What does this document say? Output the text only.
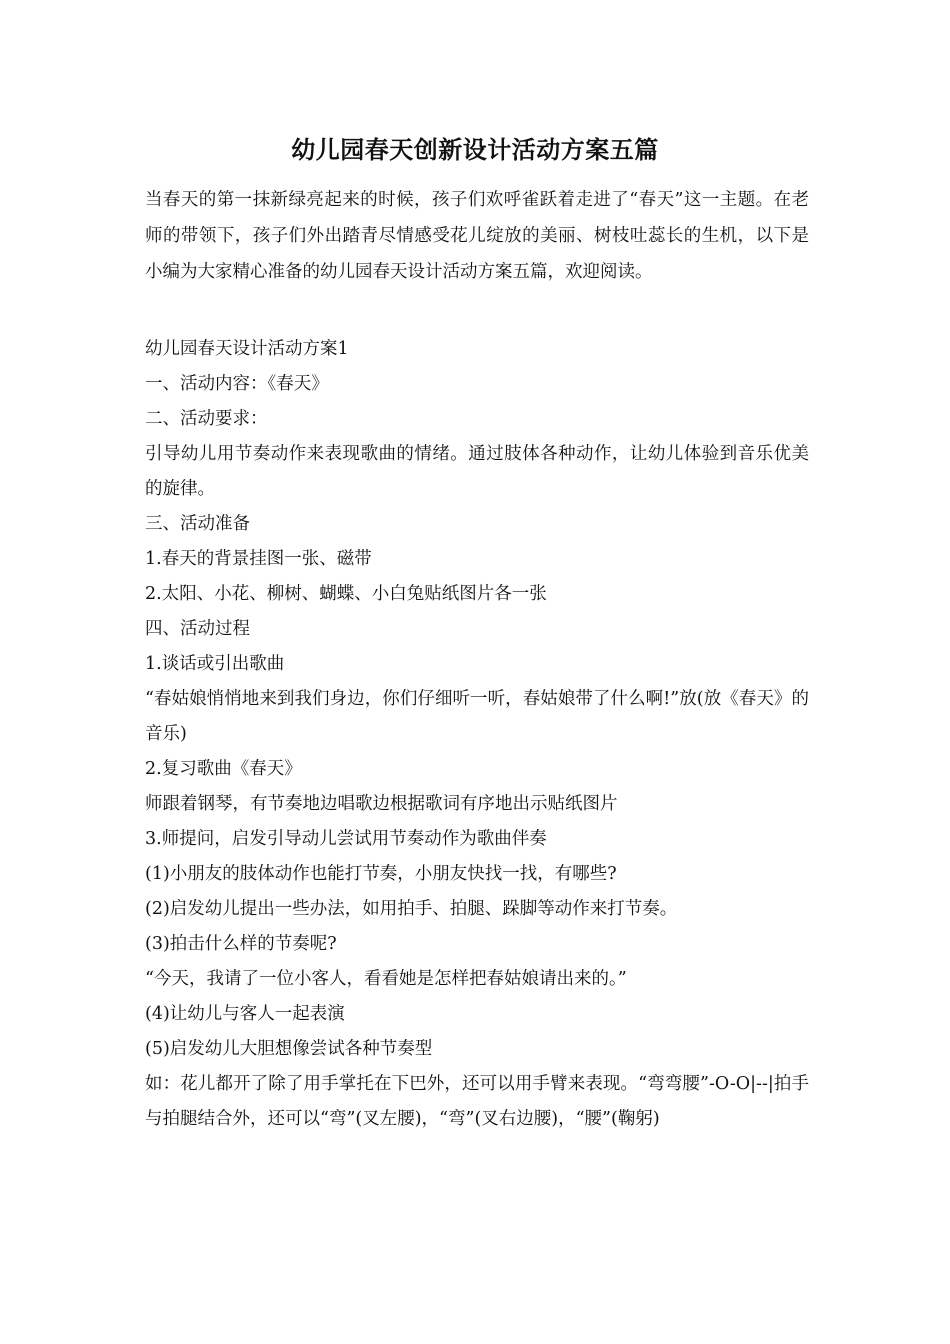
幼儿园春天创新设计活动方案五篇

当春天的第一抹新绿亮起来的时候，孩子们欢呼雀跃着走进了“春天”这一主题。在老师的带领下，孩子们外出踏青尽情感受花儿绽放的美丽、树枝吐蕊长的生机，以下是小编为大家精心准备的幼儿园春天设计活动方案五篇，欢迎阅读。

幼儿园春天设计活动方案1

一、活动内容：《春天》

二、活动要求：

引导幼儿用节奏动作来表现歌曲的情绪。通过肢体各种动作，让幼儿体验到音乐优美的旋律。

三、活动准备

1.春天的背景挂图一张、磁带

2.太阳、小花、柳树、蝴蝶、小白兔贴纸图片各一张

四、活动过程

1.谈话或引出歌曲

“春姑娘悄悄地来到我们身边，你们仔细听一听，春姑娘带了什么啊!”放(放《春天》的音乐)

2.复习歌曲《春天》

师跟着钢琴，有节奏地边唱歌边根据歌词有序地出示贴纸图片

3.师提问，启发引导动儿尝试用节奏动作为歌曲伴奏

(1)小朋友的肢体动作也能打节奏，小朋友快找一找，有哪些?

(2)启发幼儿提出一些办法，如用拍手、拍腿、跺脚等动作来打节奏。

(3)拍击什么样的节奏呢?

“今天，我请了一位小客人，看看她是怎样把春姑娘请出来的。”

(4)让幼儿与客人一起表演

(5)启发幼儿大胆想像尝试各种节奏型

如：花儿都开了除了用手掌托在下巴外，还可以用手臂来表现。“弯弯腰”-O-O|--|拍手与拍腿结合外，还可以“弯”(叉左腰)，“弯”(叉右边腰)，“腰”(鞠躬)
